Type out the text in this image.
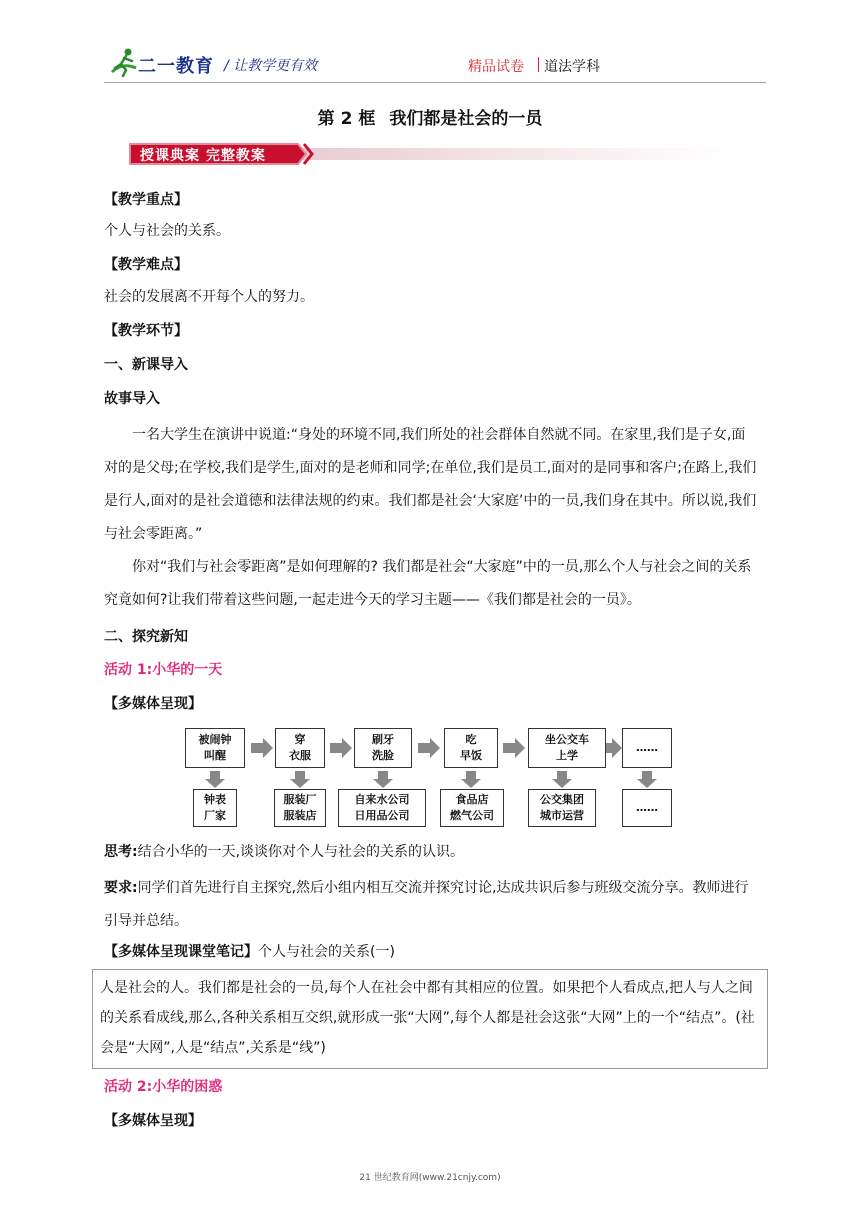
二一教育 / 让教学更有效	精品试卷 道法学科
第 2 框 我们都是社会的一员
授课典案 完整教案
【教学重点】
个人与社会的关系。
【教学难点】
社会的发展离不开每个人的努力。
【教学环节】
一、新课导入
故事导入
一名大学生在演讲中说道:“身处的环境不同,我们所处的社会群体自然就不同。在家里,我们是子女,面对的是父母;在学校,我们是学生,面对的是老师和同学;在单位,我们是员工,面对的是同事和客户;在路上,我们是行人,面对的是社会道德和法律法规的约束。我们都是社会‘大家庭’中的一员,我们身在其中。所以说,我们与社会零距离。”
你对“我们与社会零距离”是如何理解的? 我们都是社会“大家庭”中的一员,那么个人与社会之间的关系究竟如何?让我们带着这些问题,一起走进今天的学习主题——《我们都是社会的一员》。
二、探究新知
活动 1:小华的一天
【多媒体呈现】
被闹钟
叫醒
穿
衣服
刷牙
洗脸
吃
早饭
坐公交车
上学
……
钟表
厂家
服装厂
服装店
自来水公司
日用品公司
食品店
燃气公司
公交集团
城市运营
……
思考:结合小华的一天,谈谈你对个人与社会的关系的认识。
要求:同学们首先进行自主探究,然后小组内相互交流并探究讨论,达成共识后参与班级交流分享。教师进行引导并总结。
【多媒体呈现课堂笔记】个人与社会的关系(一)
人是社会的人。我们都是社会的一员,每个人在社会中都有其相应的位置。如果把个人看成点,把人与人之间的关系看成线,那么,各种关系相互交织,就形成一张“大网”,每个人都是社会这张“大网”上的一个“结点”。(社会是“大网”,人是“结点”,关系是“线”)
活动 2:小华的困惑
【多媒体呈现】
21 世纪教育网(www.21cnjy.com)
